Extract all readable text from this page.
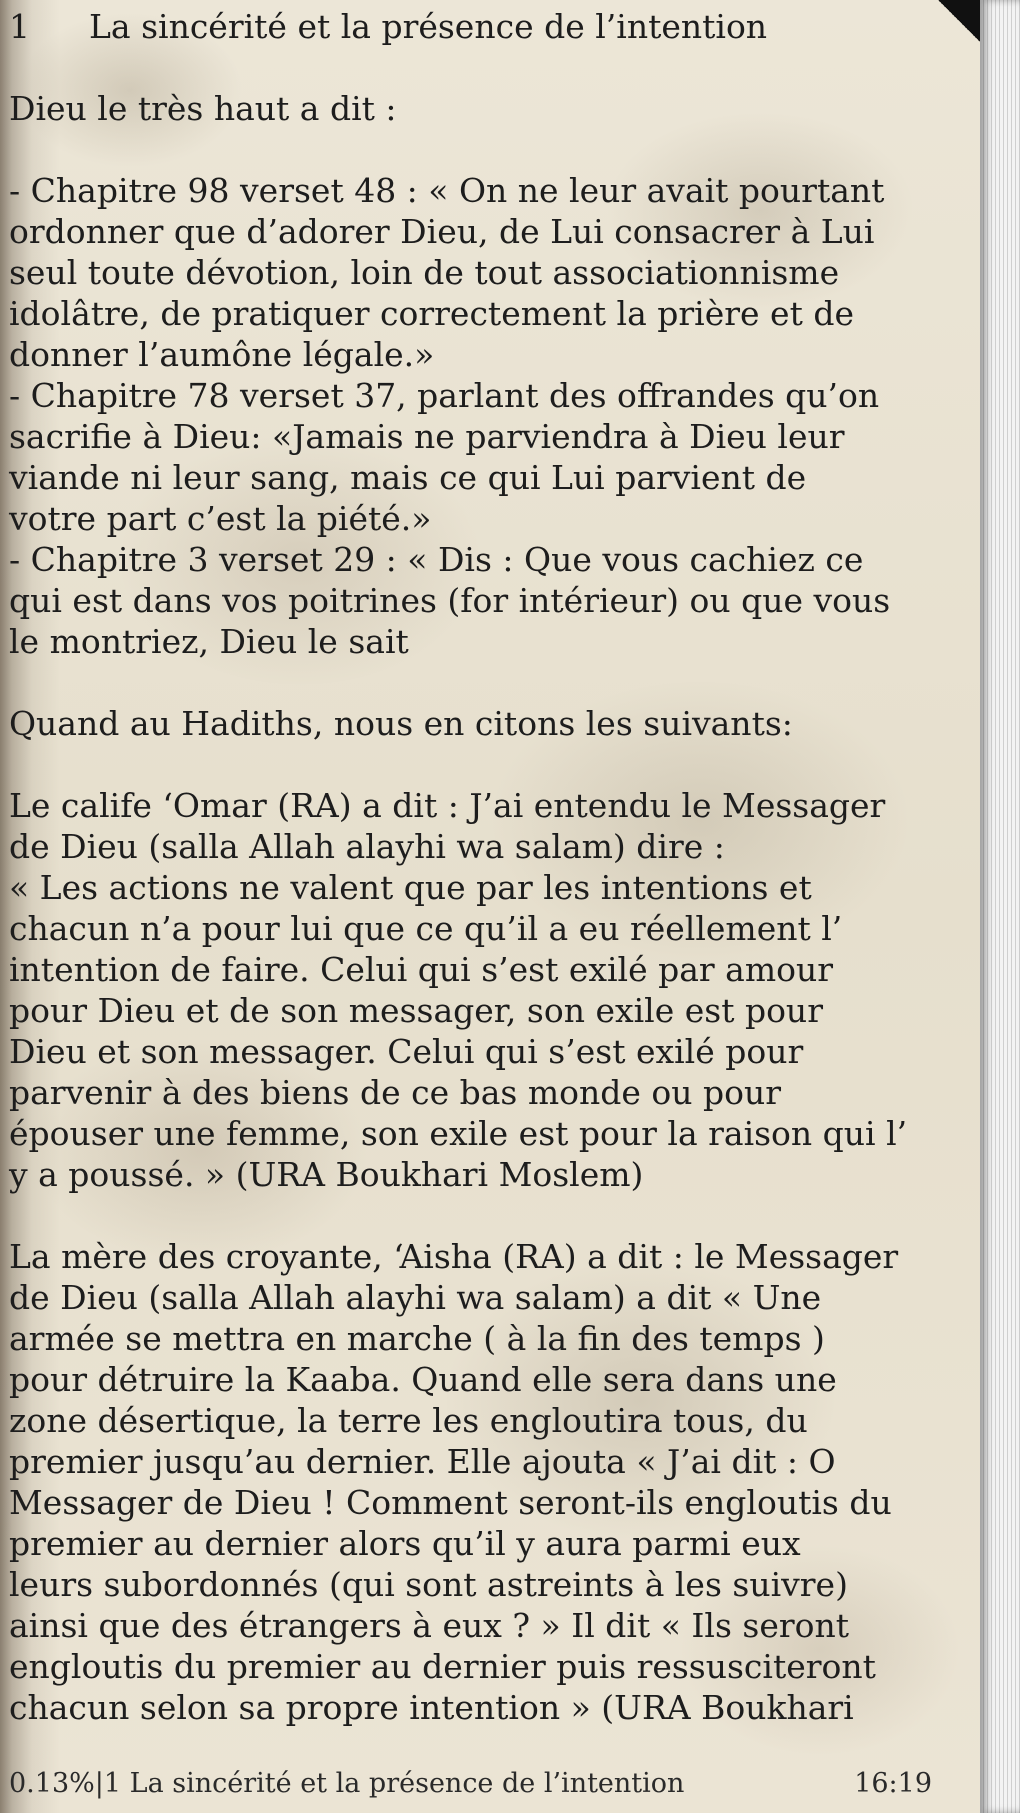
1 La sincérité et la présence de l’intention
Dieu le très haut a dit :
- Chapitre 98 verset 48 : « On ne leur avait pourtant
ordonner que d’adorer Dieu, de Lui consacrer à Lui
seul toute dévotion, loin de tout associationnisme
idolâtre, de pratiquer correctement la prière et de
donner l’aumône légale.»
- Chapitre 78 verset 37, parlant des offrandes qu’on
sacrifie à Dieu: «Jamais ne parviendra à Dieu leur
viande ni leur sang, mais ce qui Lui parvient de
votre part c’est la piété.»
- Chapitre 3 verset 29 : « Dis : Que vous cachiez ce
qui est dans vos poitrines (for intérieur) ou que vous
le montriez, Dieu le sait
Quand au Hadiths, nous en citons les suivants:
Le calife ‘Omar (RA) a dit : J’ai entendu le Messager
de Dieu (salla Allah alayhi wa salam) dire :
« Les actions ne valent que par les intentions et
chacun n’a pour lui que ce qu’il a eu réellement l’
intention de faire. Celui qui s’est exilé par amour
pour Dieu et de son messager, son exile est pour
Dieu et son messager. Celui qui s’est exilé pour
parvenir à des biens de ce bas monde ou pour
épouser une femme, son exile est pour la raison qui l’
y a poussé. » (URA Boukhari Moslem)
La mère des croyante, ‘Aisha (RA) a dit : le Messager
de Dieu (salla Allah alayhi wa salam) a dit « Une
armée se mettra en marche ( à la fin des temps )
pour détruire la Kaaba. Quand elle sera dans une
zone désertique, la terre les engloutira tous, du
premier jusqu’au dernier. Elle ajouta « J’ai dit : O
Messager de Dieu ! Comment seront-ils engloutis du
premier au dernier alors qu’il y aura parmi eux
leurs subordonnés (qui sont astreints à les suivre)
ainsi que des étrangers à eux ? » Il dit « Ils seront
engloutis du premier au dernier puis ressusciteront
chacun selon sa propre intention » (URA Boukhari
0.13%|1 La sincérité et la présence de l’intention	16:19
